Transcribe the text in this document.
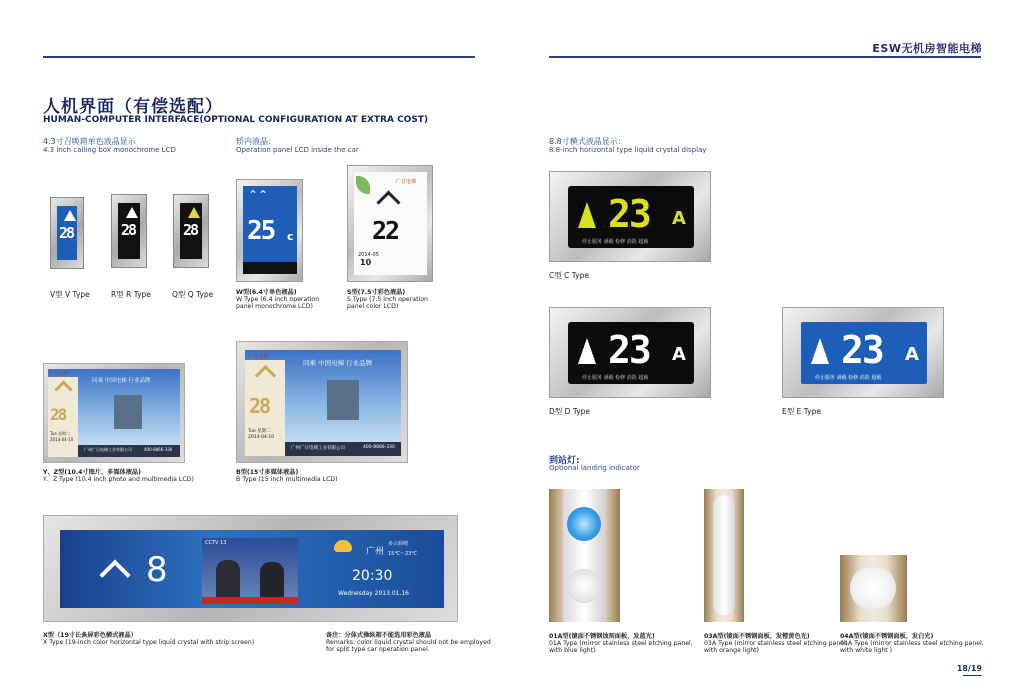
ESW无机房智能电梯
人机界面（有偿选配）
HUMAN-COMPUTER INTERFACE(OPTIONAL CONFIGURATION AT EXTRA COST)
4.3寸召唤箱单色液晶显示
4.3 inch calling box monochrome LCD
28
V型 V Type
28
R型 R Type
28
Q型 Q Type
轿内液晶：
Operation panel LCD inside the car
⌃⌃
25 c
W型(6.4寸单色液晶)
W Type (6.4 inch operation
panel monochrome LCD)
广日电梯
22
2014-05
10
S型(7.5寸彩色液晶)
S Type (7.5 inch operation
panel color LCD)
广日电梯
同乘 中国电梯 行业品牌
28
Tue 星期二
2014-04-10
广州广日电梯工业有限公司	400-8866-330
Y、Z型(10.4寸图片、多媒体液晶)
Y、Z Type (10.4 inch photo and multimedia LCD)
广日电梯
同乘 中国电梯 行业品牌
28
Tue 星期二
2014-04-10
广州广日电梯工业有限公司	400-8866-330
B型(15寸多媒体液晶)
B Type (15 inch multimedia LCD)
8
CCTV 13
广州
多云转晴
15℃～23℃
20:30
Wednesday 2013.01.16
X型（19寸长条屏彩色横式液晶）
X Type (19-inch color horizontal type liquid crystal with strip screen)
备注：分体式操纵箱不能选用彩色液晶
Remarks: color liquid crystal should not be employed
for split type car operation panel.
8.8寸横式液晶显示：
8.8-inch horizontal type liquid crystal display
23 A
停止服务 满载 检修 消防 超载
C型 C Type
23 A
停止服务 满载 检修 消防 超载
D型 D Type
23 A
停止服务 满载 检修 消防 超载
E型 E Type
到站灯:
Optional landing indicator
01A型(镜面不锈钢蚀刻面板，发蓝光)
01A Type (mirror stainless steel etching panel,
with blue light)
03A型(镜面不锈钢面板，发橙黄色光)
03A Type (mirror stainless steel etching panel,
with orange light)
04A型(镜面不锈钢面板，发白光)
04A Type (mirror stainless steel etching panel,
with white light )
18/19
